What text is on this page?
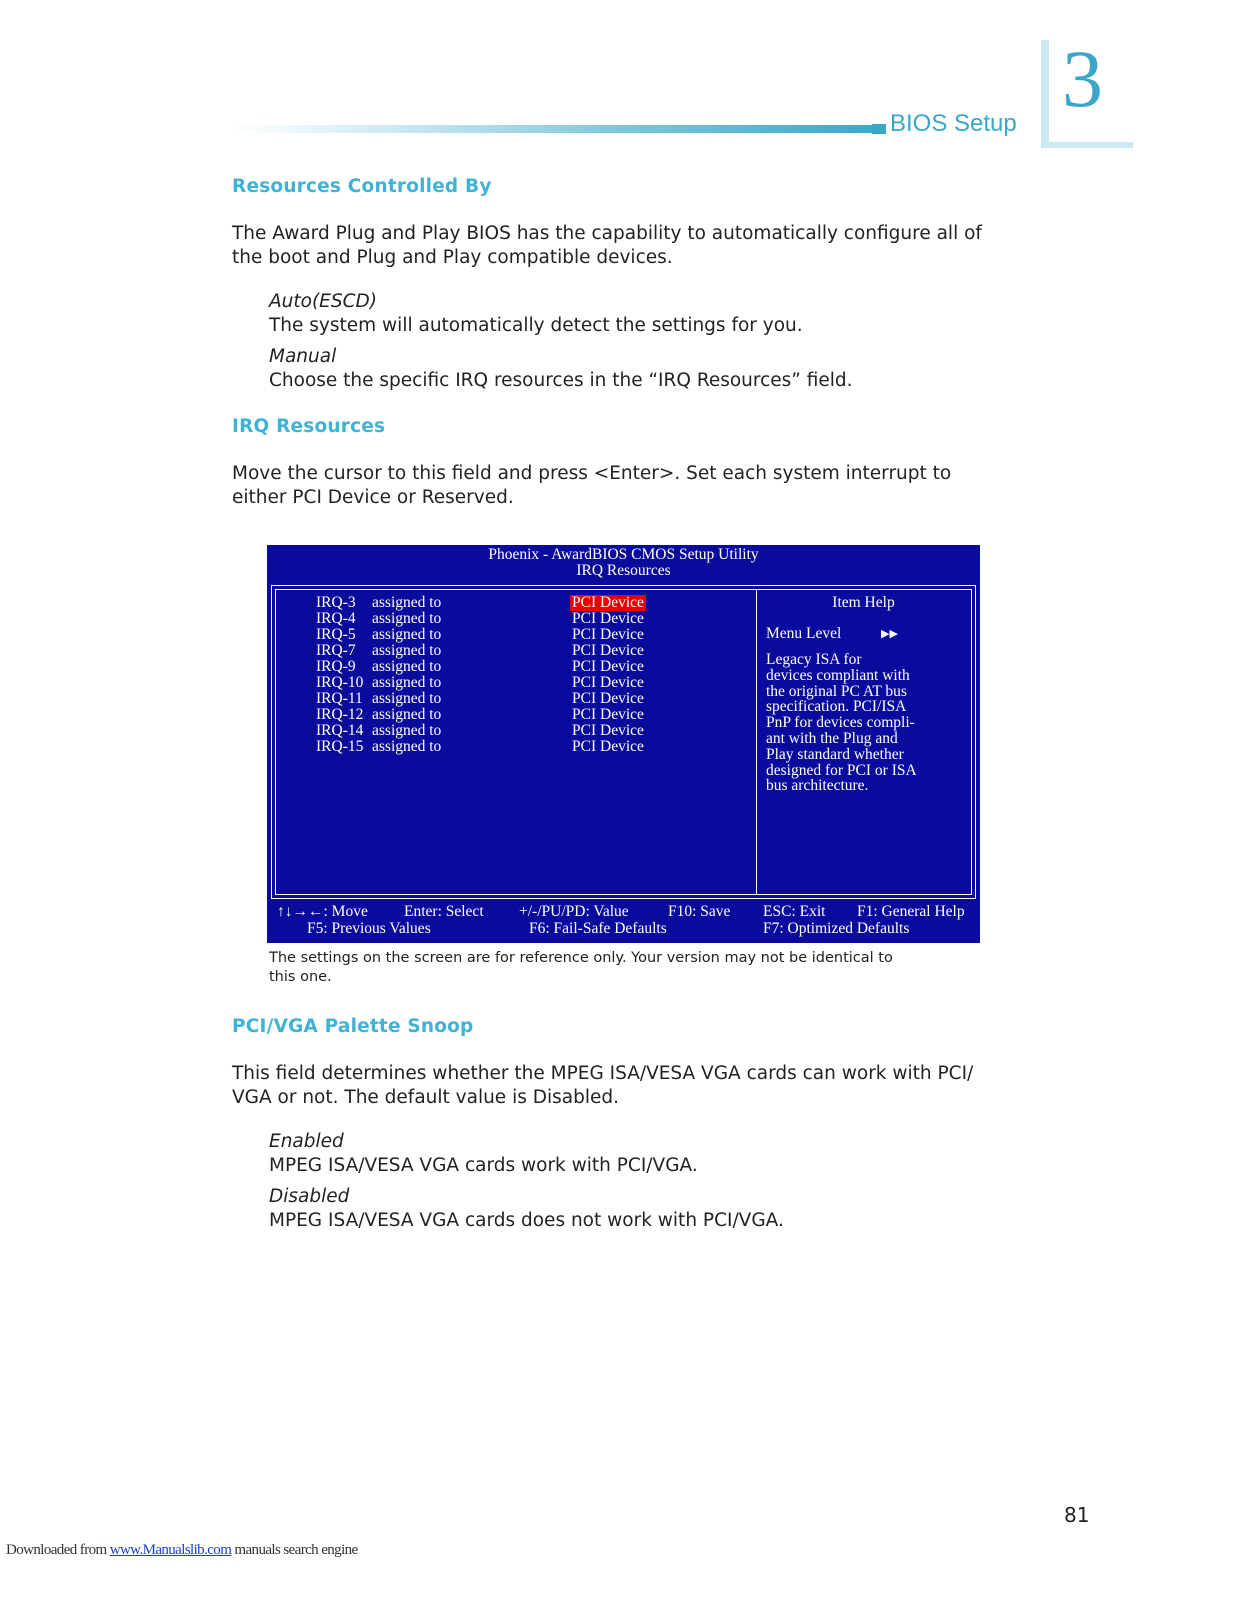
BIOS Setup 3
Resources Controlled By
The Award Plug and Play BIOS has the capability to automatically configure all of
the boot and Plug and Play compatible devices.
Auto(ESCD)
The system will automatically detect the settings for you.
Manual
Choose the specific IRQ resources in the “IRQ Resources” field.
IRQ Resources
Move the cursor to this field and press <Enter>. Set each system interrupt to
either PCI Device or Reserved.
Phoenix - AwardBIOS CMOS Setup Utility
IRQ Resources
IRQ-3 assigned to	PCI Device
IRQ-4 assigned to	PCI Device
IRQ-5 assigned to	PCI Device
IRQ-7 assigned to	PCI Device
IRQ-9 assigned to	PCI Device
IRQ-10 assigned to	PCI Device
IRQ-11 assigned to	PCI Device
IRQ-12 assigned to	PCI Device
IRQ-14 assigned to	PCI Device
IRQ-15 assigned to	PCI Device
Item Help
Menu Level	▶▶
Legacy ISA for
devices compliant with
the original PC AT bus
specification. PCI/ISA
PnP for devices compli-
ant with the Plug and
Play standard whether
designed for PCI or ISA
bus architecture.
↑↓→←: Move Enter: Select +/-/PU/PD: Value	F10: Save ESC: Exit F1: General Help
F5: Previous Values	F6: Fail-Safe Defaults	F7: Optimized Defaults
The settings on the screen are for reference only. Your version may not be identical to
this one.
PCI/VGA Palette Snoop
This field determines whether the MPEG ISA/VESA VGA cards can work with PCI/
VGA or not. The default value is Disabled.
Enabled
MPEG ISA/VESA VGA cards work with PCI/VGA.
Disabled
MPEG ISA/VESA VGA cards does not work with PCI/VGA.
81
Downloaded from www.Manualslib.com manuals search engine
